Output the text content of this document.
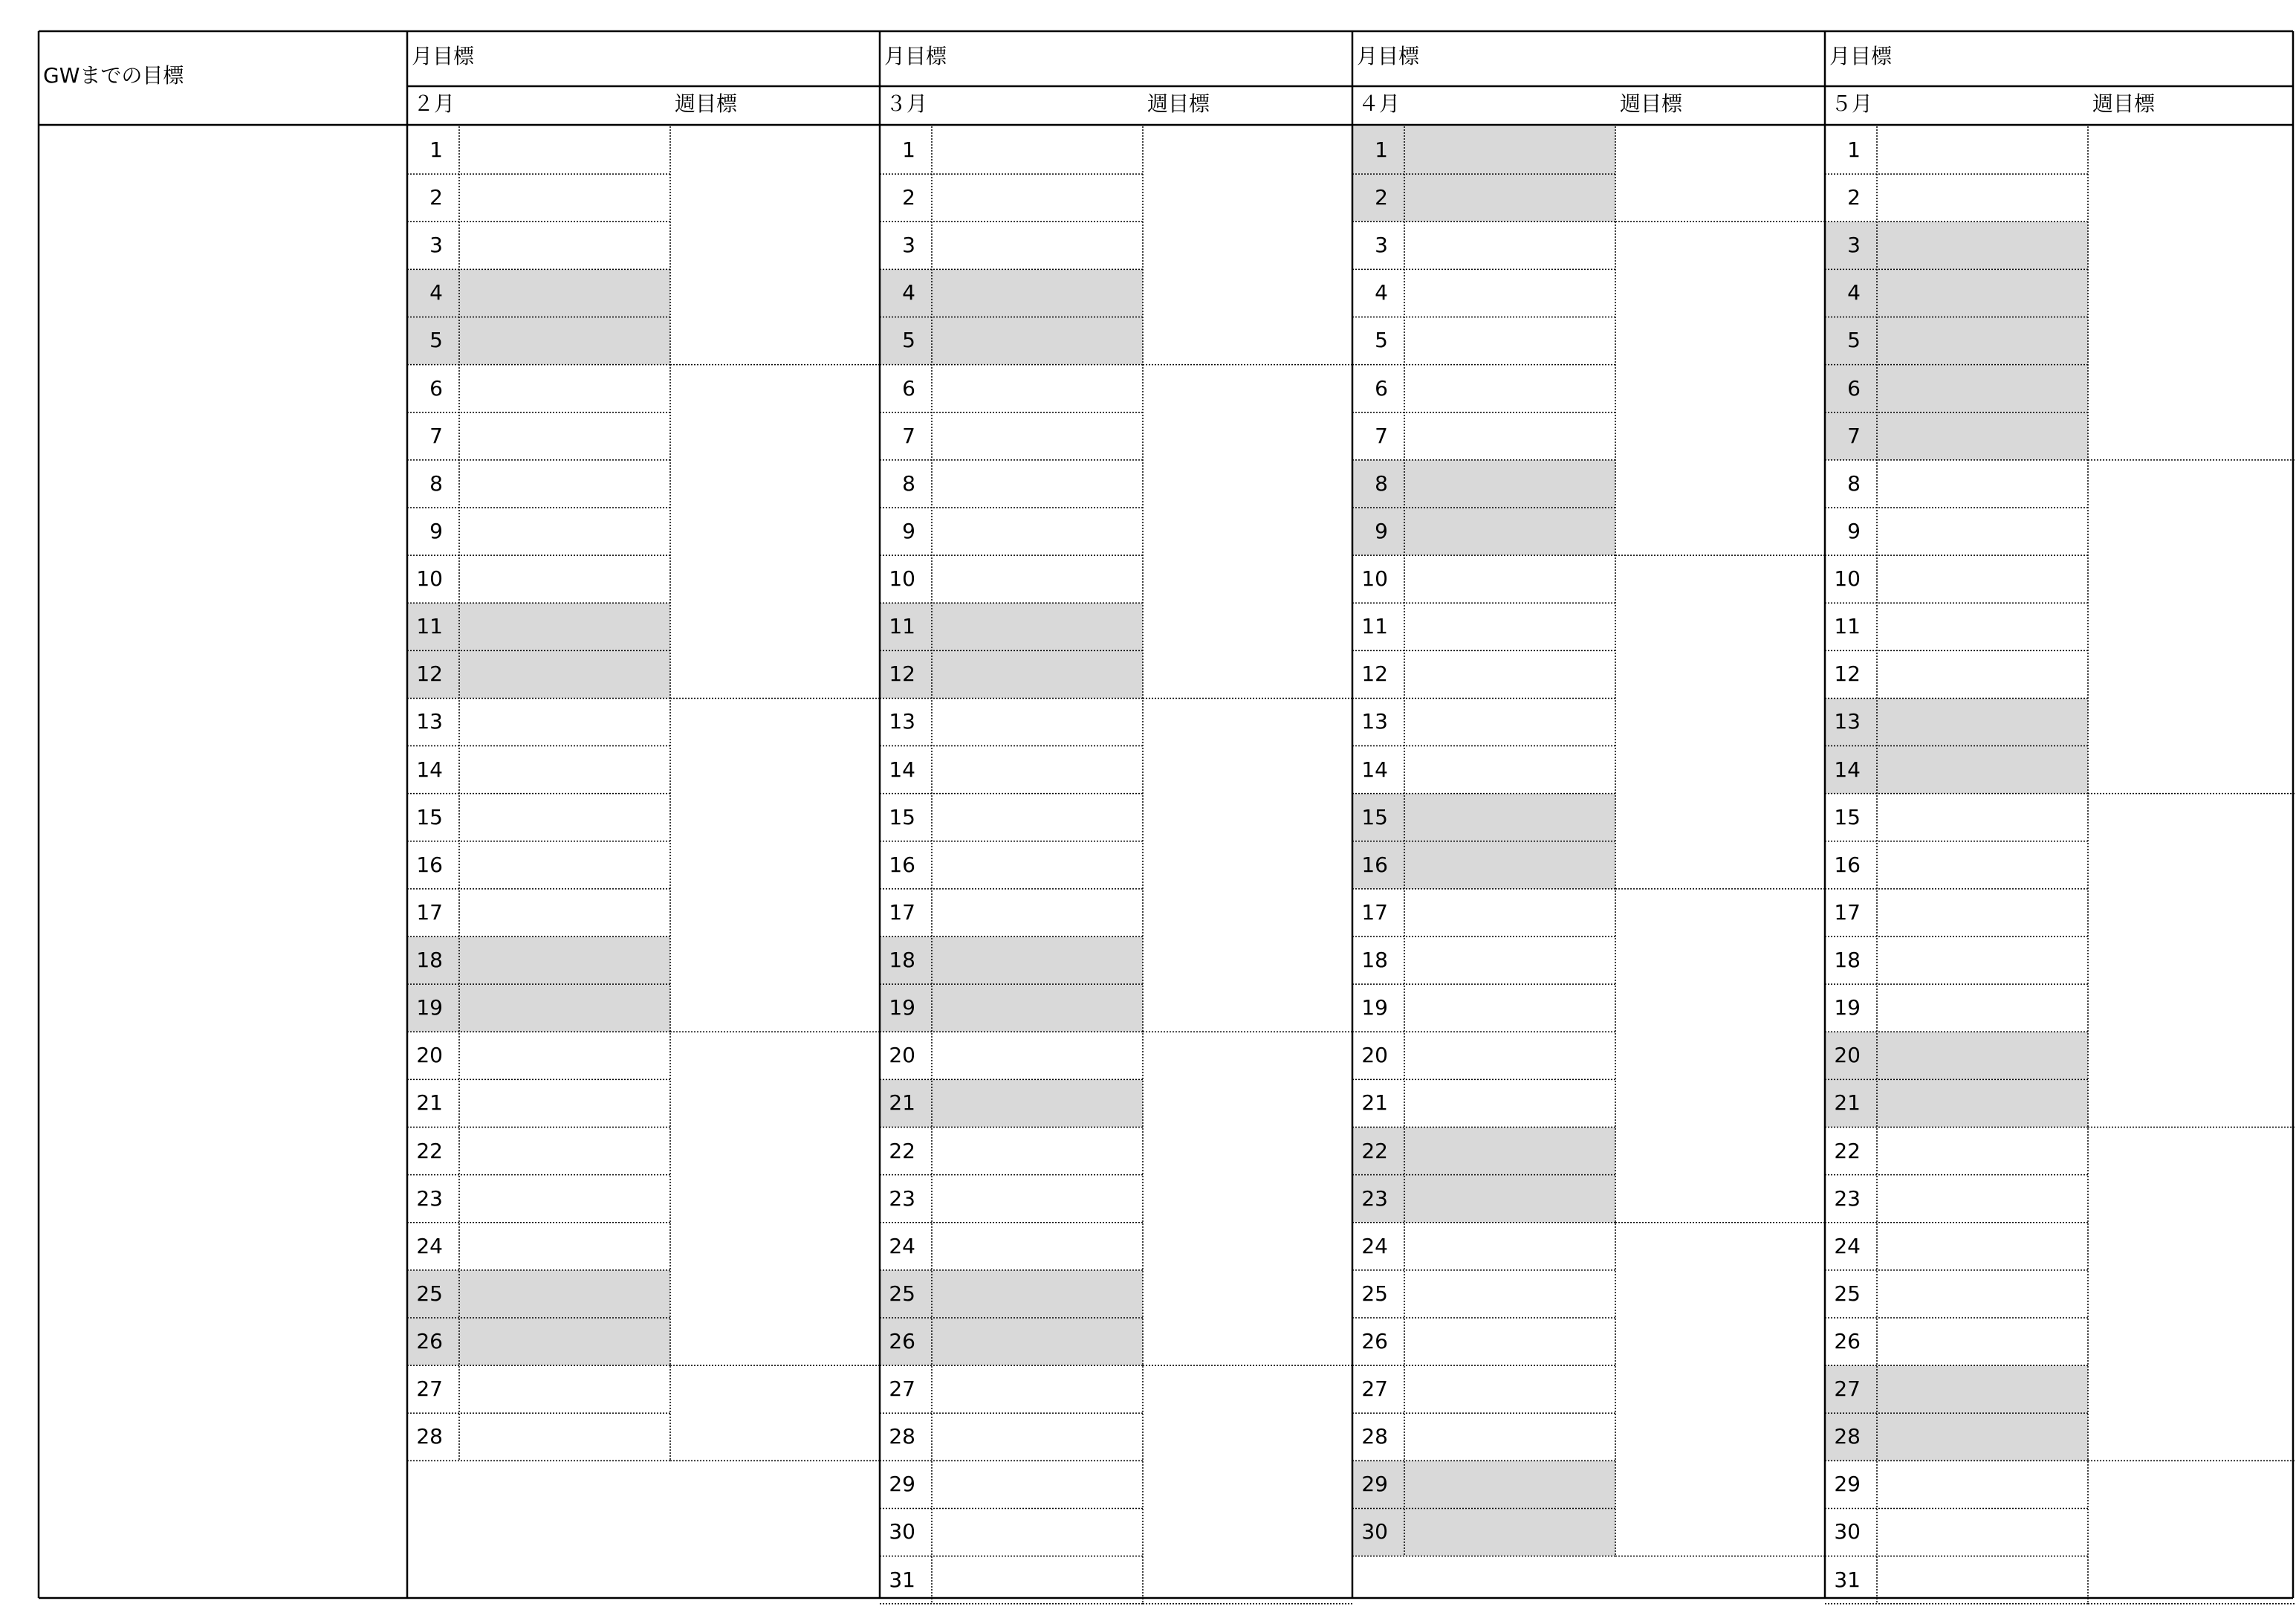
GWまでの目標
月目標
２月	週目標
1
2
3
4
5
6
7
8
9
10
11
12
13
14
15
16
17
18
19
20
21
22
23
24
25
26
27
28
月目標
３月	週目標
1
2
3
4
5
6
7
8
9
10
11
12
13
14
15
16
17
18
19
20
21
22
23
24
25
26
27
28
29
30
31
月目標
４月	週目標
1
2
3
4
5
6
7
8
9
10
11
12
13
14
15
16
17
18
19
20
21
22
23
24
25
26
27
28
29
30
月目標
５月	週目標
1
2
3
4
5
6
7
8
9
10
11
12
13
14
15
16
17
18
19
20
21
22
23
24
25
26
27
28
29
30
31
